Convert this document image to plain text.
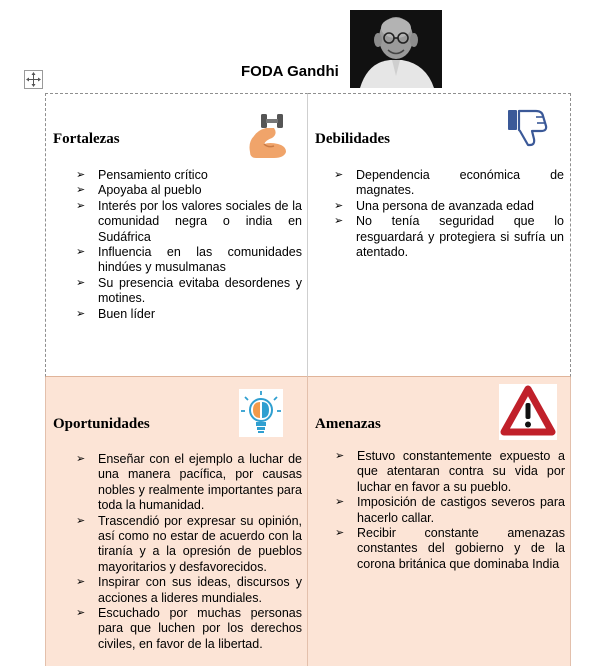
FODA Gandhi
Fortalezas
➢ Pensamiento crítico
➢ Apoyaba al pueblo
➢ Interés por los valores sociales de la comunidad negra o india en Sudáfrica
➢ Influencia en las comunidades hindúes y musulmanas
➢ Su presencia evitaba desordenes y motines.
➢ Buen líder
Debilidades
➢ Dependencia económica de magnates.
➢ Una persona de avanzada edad
➢ No tenía seguridad que lo resguardará y protegiera si sufría un atentado.
Oportunidades
➢ Enseñar con el ejemplo a luchar de una manera pacífica, por causas nobles y realmente importantes para toda la humanidad.
➢ Trascendió por expresar su opinión, así como no estar de acuerdo con la tiranía y a la opresión de pueblos mayoritarios y desfavorecidos.
➢ Inspirar con sus ideas, discursos y acciones a lideres mundiales.
➢ Escuchado por muchas personas para que luchen por los derechos civiles, en favor de la libertad.
Amenazas
➢ Estuvo constantemente expuesto a que atentaran contra su vida por luchar en favor a su pueblo.
➢ Imposición de castigos severos para hacerlo callar.
➢ Recibir constante amenazas constantes del gobierno y de la corona británica que dominaba India
